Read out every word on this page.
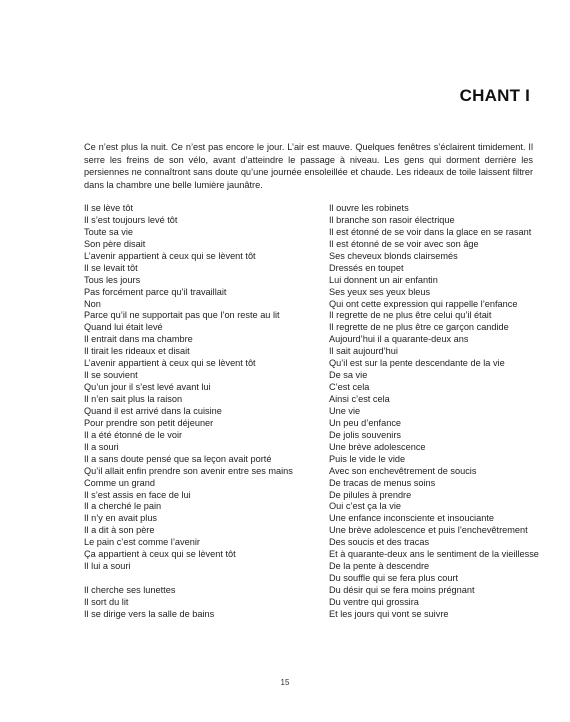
CHANT I

Ce n’est plus la nuit. Ce n’est pas encore le jour. L’air est mauve. Quelques fenêtres s’éclairent timidement. Il serre les freins de son vélo, avant d’atteindre le passage à niveau. Les gens qui dorment derrière les persiennes ne connaîtront sans doute qu’une journée ensoleillée et chaude. Les rideaux de toile laissent filtrer dans la chambre une belle lumière jaunâtre.

Il se lève tôt
Il s’est toujours levé tôt
Toute sa vie
Son père disait
L’avenir appartient à ceux qui se lèvent tôt
Il se levait tôt
Tous les jours
Pas forcément parce qu’il travaillait
Non
Parce qu’il ne supportait pas que l’on reste au lit
Quand lui était levé
Il entrait dans ma chambre
Il tirait les rideaux et disait
L’avenir appartient à ceux qui se lèvent tôt
Il se souvient
Qu’un jour il s’est levé avant lui
Il n’en sait plus la raison
Quand il est arrivé dans la cuisine
Pour prendre son petit déjeuner
Il a été étonné de le voir
Il a souri
Il a sans doute pensé que sa leçon avait porté
Qu’il allait enfin prendre son avenir entre ses mains
Comme un grand
Il s’est assis en face de lui
Il a cherché le pain
Il n’y en avait plus
Il a dit à son père
Le pain c’est comme l’avenir
Ça appartient à ceux qui se lèvent tôt
Il lui a souri
Il cherche ses lunettes
Il sort du lit
Il se dirige vers la salle de bains
Il ouvre les robinets
Il branche son rasoir électrique
Il est étonné de se voir dans la glace en se rasant
Il est étonné de se voir avec son âge
Ses cheveux blonds clairsemés
Dressés en toupet
Lui donnent un air enfantin
Ses yeux ses yeux bleus
Qui ont cette expression qui rappelle l’enfance
Il regrette de ne plus être celui qu’il était
Il regrette de ne plus être ce garçon candide
Aujourd’hui il a quarante-deux ans
Il sait aujourd’hui
Qu’il est sur la pente descendante de la vie
De sa vie
C’est cela
Ainsi c’est cela
Une vie
Un peu d’enfance
De jolis souvenirs
Une brève adolescence
Puis le vide le vide
Avec son enchevêtrement de soucis
De tracas de menus soins
De pilules à prendre
Oui c’est ça la vie
Une enfance inconsciente et insouciante
Une brève adolescence et puis l’enchevêtrement
Des soucis et des tracas
Et à quarante-deux ans le sentiment de la vieillesse
De la pente à descendre
Du souffle qui se fera plus court
Du désir qui se fera moins prégnant
Du ventre qui grossira
Et les jours qui vont se suivre
15
